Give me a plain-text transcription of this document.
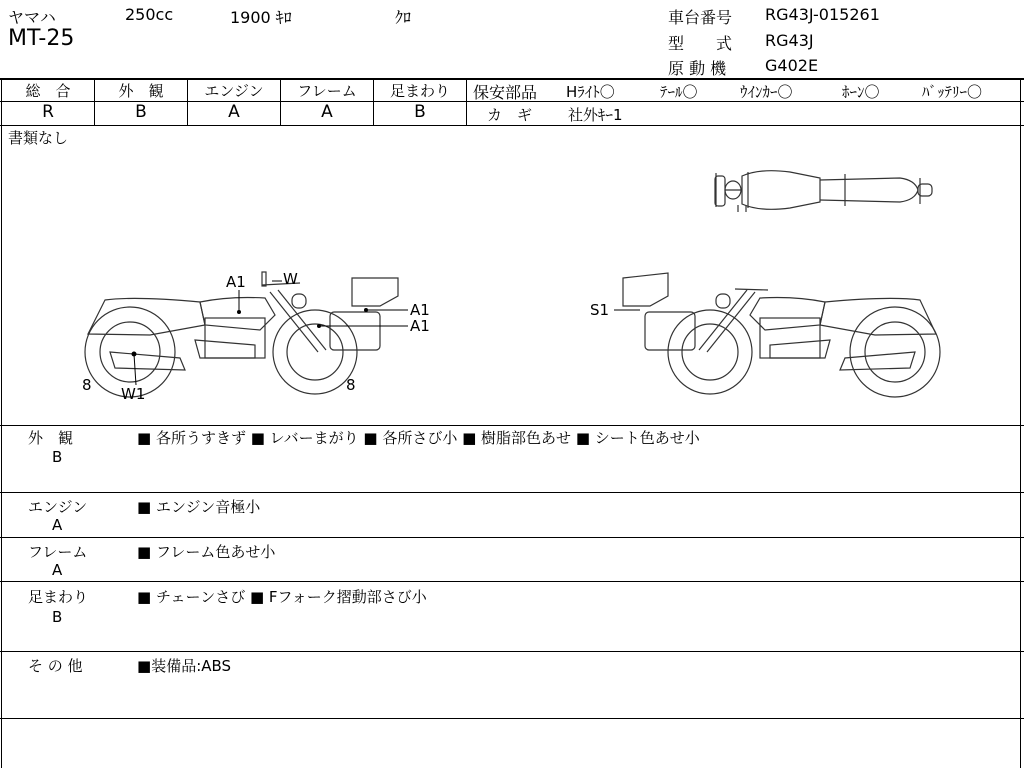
ヤマハ	250cc	1900 ｷﾛ	ｸﾛ
MT-25
車台番号 RG43J-015261
型　　式 RG43J
原 動 機 G402E
総　合	外　観	エンジン	フレーム	足まわり
R	B	A	A	B
保安部品 Hﾗｲﾄ〇	ﾃｰﾙ〇	ｳｲﾝｶｰ〇	ﾎｰﾝ〇	ﾊﾞｯﾃﾘｰ〇
カ　ギ 社外ｷｰ1
書類なし
A1 W
A1
A1
8 W1	8
S1
外　観
B
■ 各所うすきず ■ レバーまがり ■ 各所さび小 ■ 樹脂部色あせ ■ シート色あせ小
エンジン
A
■ エンジン音極小
フレーム
A
■ フレーム色あせ小
足まわり
B
■ チェーンさび ■ Fフォーク摺動部さび小
そ の 他
■	装備品:ABS
